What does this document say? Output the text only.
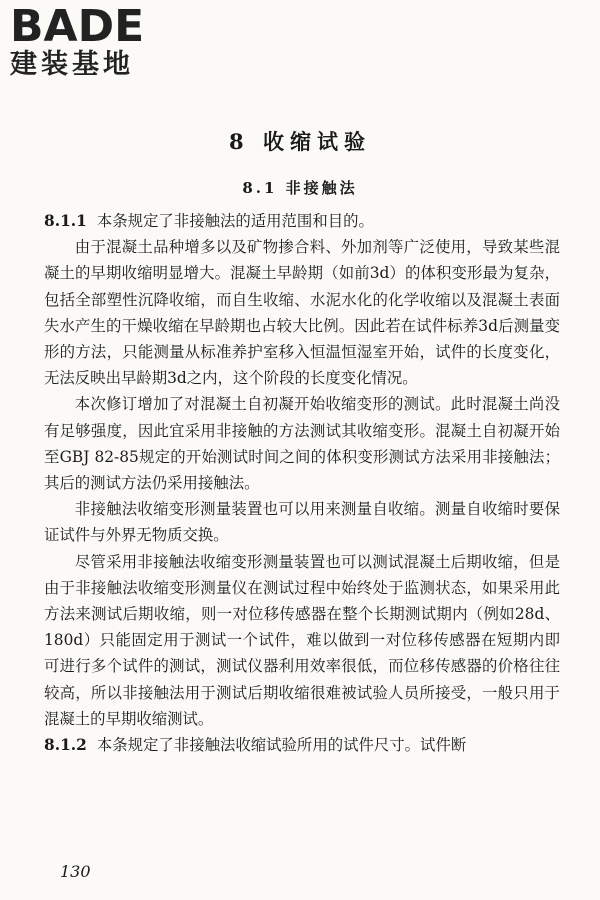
BADE
建装基地
8 收缩试验
8.1 非接触法

8.1.1 本条规定了非接触法的适用范围和目的。

由于混凝土品种增多以及矿物掺合料、外加剂等广泛使用，导致某些混凝土的早期收缩明显增大。混凝土早龄期（如前3d）的体积变形最为复杂，包括全部塑性沉降收缩，而自生收缩、水泥水化的化学收缩以及混凝土表面失水产生的干燥收缩在早龄期也占较大比例。因此若在试件标养3d后测量变形的方法，只能测量从标准养护室移入恒温恒湿室开始，试件的长度变化，无法反映出早龄期3d之内，这个阶段的长度变化情况。

本次修订增加了对混凝土自初凝开始收缩变形的测试。此时混凝土尚没有足够强度，因此宜采用非接触的方法测试其收缩变形。混凝土自初凝开始至GBJ 82-85规定的开始测试时间之间的体积变形测试方法采用非接触法；其后的测试方法仍采用接触法。

非接触法收缩变形测量装置也可以用来测量自收缩。测量自收缩时要保证试件与外界无物质交换。

尽管采用非接触法收缩变形测量装置也可以测试混凝土后期收缩，但是由于非接触法收缩变形测量仪在测试过程中始终处于监测状态，如果采用此方法来测试后期收缩，则一对位移传感器在整个长期测试期内（例如28d、180d）只能固定用于测试一个试件，难以做到一对位移传感器在短期内即可进行多个试件的测试，测试仪器利用效率很低，而位移传感器的价格往往较高，所以非接触法用于测试后期收缩很难被试验人员所接受，一般只用于混凝土的早期收缩测试。

8.1.2 本条规定了非接触法收缩试验所用的试件尺寸。试件断

130
